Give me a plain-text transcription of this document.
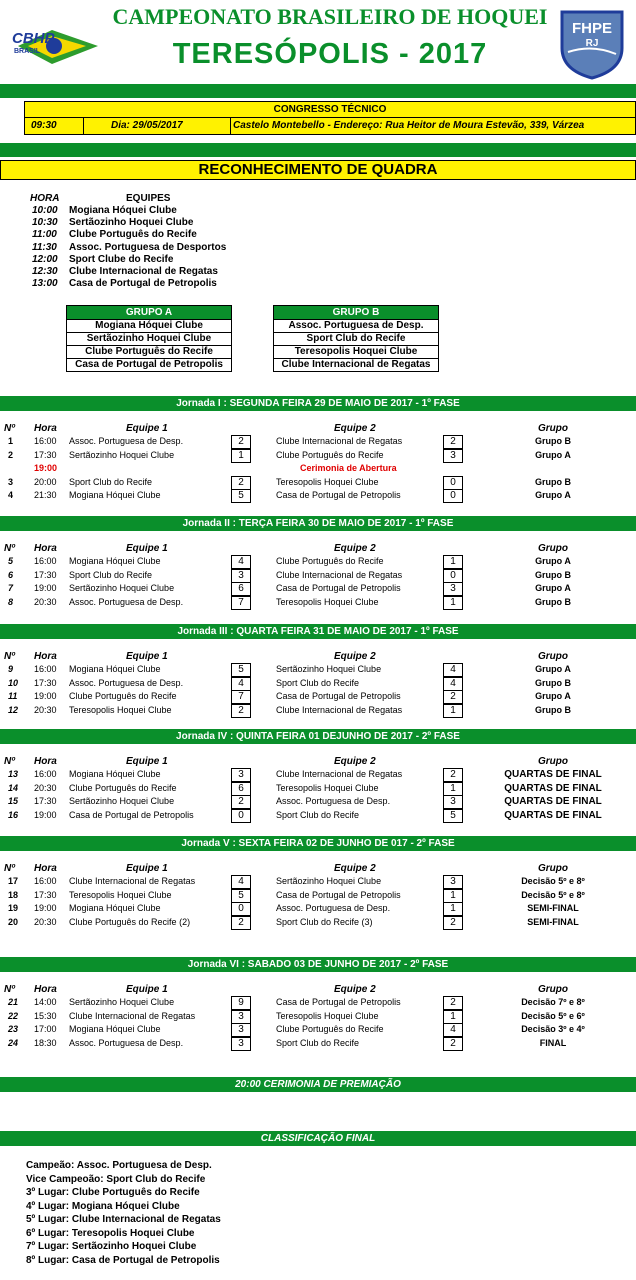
CBHP
BRASIL
CAMPEONATO BRASILEIRO DE HOQUEI
TERESÓPOLIS - 2017
FHPE
RJ
CONGRESSO TÉCNICO
09:30	Dia: 29/05/2017	Castelo Montebello - Endereço: Rua Heitor de Moura Estevão, 339, Várzea
RECONHECIMENTO DE QUADRA
HORA	EQUIPES
10:00 Mogiana Hóquei Clube
10:30 Sertãozinho Hoquei Clube
11:00 Clube Português do Recife
11:30 Assoc. Portuguesa de Desportos
12:00 Sport Clube do Recife
12:30 Clube Internacional de Regatas
13:00 Casa de Portugal de Petropolis
GRUPO A
Mogiana Hóquei Clube
Sertãozinho Hoquei Clube
Clube Português do Recife
Casa de Portugal de Petropolis
GRUPO B
Assoc. Portuguesa de Desp.
Sport Club do Recife
Teresopolis Hoquei Clube
Clube Internacional de Regatas
Jornada I : SEGUNDA FEIRA 29 DE MAIO DE 2017 - 1º FASE
Nº Hora	Equipe 1	Equipe 2	Grupo
1 16:00 Assoc. Portuguesa de Desp.	2	Clube Internacional de Regatas	2	Grupo B
2 17:30 Sertãozinho Hoquei Clube	1	Clube Português do Recife	3	Grupo A
19:00	Cerimonia de Abertura
3 20:00 Sport Club do Recife	2	Teresopolis Hoquei Clube	0	Grupo B
4 21:30 Mogiana Hóquei Clube	5	Casa de Portugal de Petropolis	0	Grupo A
Jornada II : TERÇA FEIRA 30 DE MAIO DE 2017 - 1º FASE
Nº Hora	Equipe 1	Equipe 2	Grupo
5 16:00 Mogiana Hóquei Clube	4	Clube Português do Recife	1	Grupo A
6 17:30 Sport Club do Recife	3	Clube Internacional de Regatas	0	Grupo B
7 19:00 Sertãozinho Hoquei Clube	6	Casa de Portugal de Petropolis	3	Grupo A
8 20:30 Assoc. Portuguesa de Desp.	7	Teresopolis Hoquei Clube	1	Grupo B
Jornada III : QUARTA FEIRA 31 DE MAIO DE 2017 - 1º FASE
Nº Hora	Equipe 1	Equipe 2	Grupo
9 16:00 Mogiana Hóquei Clube	5	Sertãozinho Hoquei Clube	4	Grupo A
10 17:30 Assoc. Portuguesa de Desp.	4	Sport Club do Recife	4	Grupo B
11 19:00 Clube Português do Recife	7	Casa de Portugal de Petropolis	2	Grupo A
12 20:30 Teresopolis Hoquei Clube	2	Clube Internacional de Regatas	1	Grupo B
Jornada IV : QUINTA FEIRA 01 DEJUNHO DE 2017 - 2º FASE
Nº Hora	Equipe 1	Equipe 2	Grupo
13 16:00 Mogiana Hóquei Clube	3	Clube Internacional de Regatas	2	QUARTAS DE FINAL
14 20:30 Clube Português do Recife	6	Teresopolis Hoquei Clube	1	QUARTAS DE FINAL
15 17:30 Sertãozinho Hoquei Clube	2	Assoc. Portuguesa de Desp.	3	QUARTAS DE FINAL
16 19:00 Casa de Portugal de Petropolis	0	Sport Club do Recife	5	QUARTAS DE FINAL
Jornada V : SEXTA FEIRA 02 DE JUNHO DE 017 - 2º FASE
Nº Hora	Equipe 1	Equipe 2	Grupo
17 16:00 Clube Internacional de Regatas	4	Sertãozinho Hoquei Clube	3	Decisão 5º e 8º
18 17:30 Teresopolis Hoquei Clube	5	Casa de Portugal de Petropolis	1	Decisão 5º e 8º
19 19:00 Mogiana Hóquei Clube	0	Assoc. Portuguesa de Desp.	1	SEMI-FINAL
20 20:30 Clube Português do Recife (2)	2	Sport Club do Recife (3)	2	SEMI-FINAL
Jornada VI : SABADO 03 DE JUNHO DE 2017 - 2º FASE
Nº Hora	Equipe 1	Equipe 2	Grupo
21 14:00 Sertãozinho Hoquei Clube	9	Casa de Portugal de Petropolis	2	Decisão 7º e 8º
22 15:30 Clube Internacional de Regatas	3	Teresopolis Hoquei Clube	1	Decisão 5º e 6º
23 17:00 Mogiana Hóquei Clube	3	Clube Português do Recife	4	Decisão 3º e 4º
24 18:30 Assoc. Portuguesa de Desp.	3	Sport Club do Recife	2	FINAL
20:00 CERIMONIA DE PREMIAÇÃO
CLASSIFICAÇÃO FINAL
Campeão: Assoc. Portuguesa de Desp.
Vice Campeoão: Sport Club do Recife
3º Lugar: Clube Português do Recife
4º Lugar: Mogiana Hóquei Clube
5º Lugar: Clube Internacional de Regatas
6º Lugar: Teresopolis Hoquei Clube
7º Lugar: Sertãozinho Hoquei Clube
8º Lugar: Casa de Portugal de Petropolis
